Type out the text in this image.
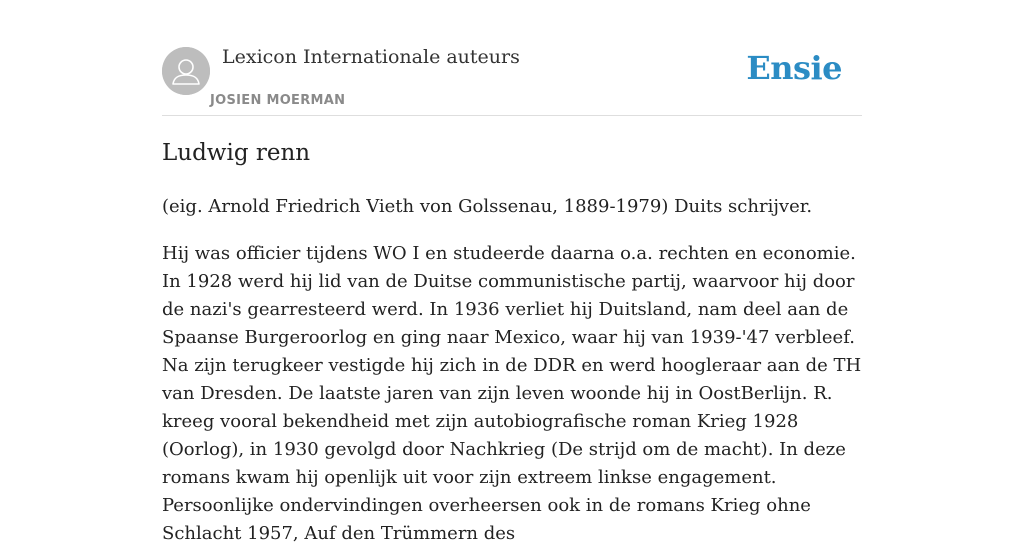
Lexicon Internationale auteurs
JOSIEN MOERMAN
Ensie
Ludwig renn

(eig. Arnold Friedrich Vieth von Golssenau, 1889-1979) Duits schrijver.

Hij was officier tijdens WO I en studeerde daarna o.a. rechten en economie. In 1928 werd hij lid van de Duitse communistische partij, waarvoor hij door de nazi's gearresteerd werd. In 1936 verliet hij Duitsland, nam deel aan de Spaanse Burgeroorlog en ging naar Mexico, waar hij van 1939-'47 verbleef. Na zijn terugkeer vestigde hij zich in de DDR en werd hoogleraar aan de TH van Dresden. De laatste jaren van zijn leven woonde hij in OostBerlijn. R. kreeg vooral bekendheid met zijn autobiografische roman Krieg 1928 (Oorlog), in 1930 gevolgd door Nachkrieg (De strijd om de macht). In deze romans kwam hij openlijk uit voor zijn extreem linkse engagement. Persoonlijke ondervindingen overheersen ook in de romans Krieg ohne Schlacht 1957, Auf den Trümmern des
